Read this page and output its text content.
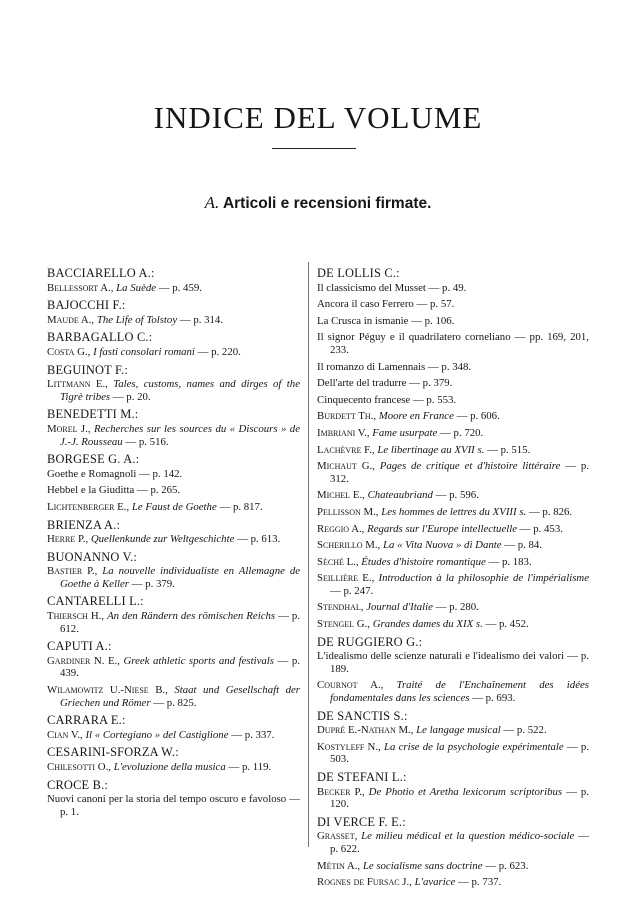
INDICE DEL VOLUME
A. Articoli e recensioni firmate.
BACCIARELLO A.:
Bellessort A., La Suède — p. 459.
BAJOCCHI F.:
Maude A., The Life of Tolstoy — p. 314.
BARBAGALLO C.:
Costa G., I fasti consolari romani — p. 220.
BEGUINOT F.:
Littmann E., Tales, customs, names and dirges of the Tigrè tribes — p. 20.
BENEDETTI M.:
Morel J., Recherches sur les sources du « Discours » de J.-J. Rousseau — p. 516.
BORGESE G. A.:
Goethe e Romagnoli — p. 142.
Hebbel e la Giuditta — p. 265.
Lichtenberger E., Le Faust de Goethe — p. 817.
BRIENZA A.:
Herre P., Quellenkunde zur Weltgeschichte — p. 613.
BUONANNO V.:
Bastier P., La nouvelle individualiste en Allemagne de Goethe à Keller — p. 379.
CANTARELLI L.:
Thiersch H., An den Rändern des römischen Reichs — p. 612.
CAPUTI A.:
Gardiner N. E., Greek athletic sports and festivals — p. 439.
Wilamowitz U.-Niese B., Staat und Gesellschaft der Griechen und Römer — p. 825.
CARRARA E.:
Cian V., Il « Cortegiano » del Castiglione — p. 337.
CESARINI-SFORZA W.:
Chilesotti O., L'evoluzione della musica — p. 119.
CROCE B.:
Nuovi canoni per la storia del tempo oscuro e favoloso — p. 1.
DE LOLLIS C.:
Il classicismo del Musset — p. 49.
Ancora il caso Ferrero — p. 57.
La Crusca in ismanie — p. 106.
Il signor Péguy e il quadrilatero corneliano — pp. 169, 201, 233.
Il romanzo di Lamennais — p. 348.
Dell'arte del tradurre — p. 379.
Cinquecento francese — p. 553.
Burdett Th., Moore en France — p. 606.
Imbriani V., Fame usurpate — p. 720.
Lachèvre F., Le libertinage au XVII s. — p. 515.
Michaut G., Pages de critique et d'histoire littéraire — p. 312.
Michel E., Chateaubriand — p. 596.
Pellisson M., Les hommes de lettres du XVIII s. — p. 826.
Reggio A., Regards sur l'Europe intellectuelle — p. 453.
Scherillo M., La « Vita Nuova » di Dante — p. 84.
Séché L., Études d'histoire romantique — p. 183.
Seillière E., Introduction à la philosophie de l'impérialisme — p. 247.
Stendhal, Journal d'Italie — p. 280.
Stengel G., Grandes dames du XIX s. — p. 452.
DE RUGGIERO G.:
L'idealismo delle scienze naturali e l'idealismo dei valori — p. 189.
Cournot A., Traité de l'Enchaînement des idées fondamentales dans les sciences — p. 693.
DE SANCTIS S.:
Dupré E.-Nathan M., Le langage musical — p. 522.
Kostyleff N., La crise de la psychologie expérimentale — p. 503.
DE STEFANI L.:
Becker P., De Photio et Aretha lexicorum scriptoribus — p. 120.
DI VERCE F. E.:
Grasset, Le milieu médical et la question médico-sociale — p. 622.
Métin A., Le socialisme sans doctrine — p. 623.
Rognes de Fursac J., L'avarice — p. 737.
